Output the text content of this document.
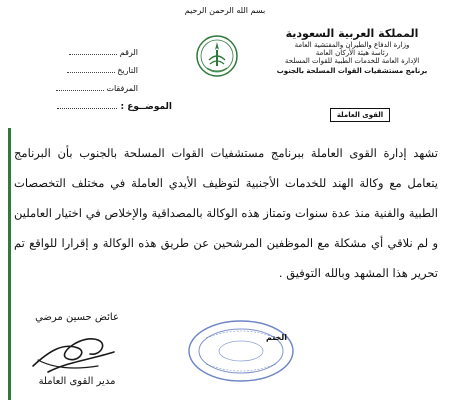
بسم الله الرحمن الرحيم
المملكة العربية السعودية
وزارة الدفاع والطيران والمفتشية العامة
رئاسة هيئة الأركان العامة
الإدارة العامة للخدمات الطبية للقوات المسلحة
برنامج مستشفيات القوات المسلحة بالجنوب
القوى العاملة
الرقم
التاريخ
المرفقات
الموضــوع :

تشهد إدارة القوى العاملة ببرنامج مستشفيات القوات المسلحة بالجنوب بأن البرنامج يتعامل مع وكالة الهند للخدمات الأجنبية لتوظيف الأيدي العاملة في مختلف التخصصات الطبية والفنية منذ عدة سنوات وتمتاز هذه الوكالة بالمصداقية والإخلاص في اختيار العاملين و لم نلاقي أي مشكلة مع الموظفين المرشحين عن طريق هذه الوكالة و إقرارا للواقع تم تحرير هذا المشهد وبالله التوفيق .

عائض حسين مرضي
مدير القوى العاملة
الختم
